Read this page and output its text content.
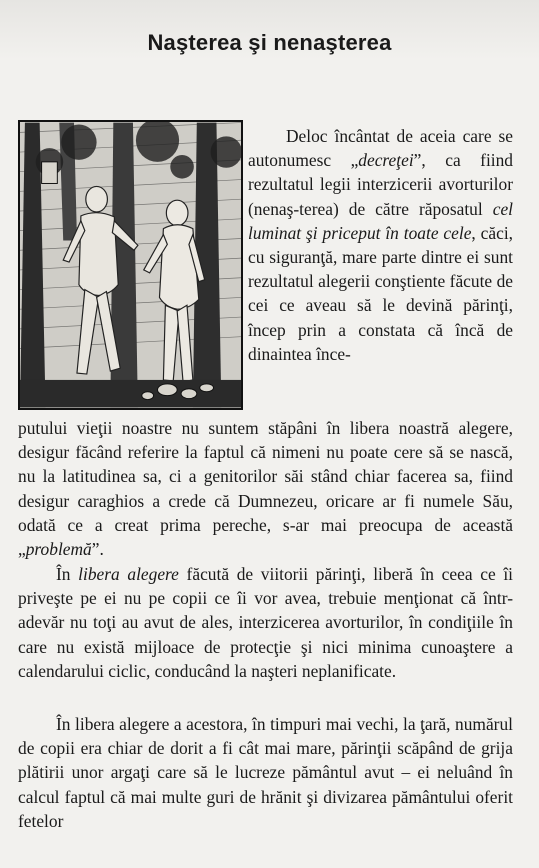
Naşterea şi nenaşterea

Deloc încântat de aceia care se autonumesc „decreţei”, ca fiind rezultatul legii interzicerii avorturilor (nenaş-terea) de către răposatul cel luminat şi priceput în toate cele, căci, cu siguranţă, mare parte dintre ei sunt rezultatul alegerii conştiente făcute de cei ce aveau să le devină părinţi, încep prin a constata că încă de dinaintea înce-

putului vieţii noastre nu suntem stăpâni în libera noastră alegere, desigur făcând referire la faptul că nimeni nu poate cere să se nască, nu la latitudinea sa, ci a genitorilor săi stând chiar facerea sa, fiind desigur caraghios a crede că Dumnezeu, oricare ar fi numele Său, odată ce a creat prima pereche, s-ar mai preocupa de această „problemă”.

În libera alegere făcută de viitorii părinţi, liberă în ceea ce îi priveşte pe ei nu pe copii ce îi vor avea, trebuie menţionat că într-adevăr nu toţi au avut de ales, interzicerea avorturilor, în condiţiile în care nu există mijloace de protecţie şi nici minima cunoaştere a calendarului ciclic, conducând la naşteri neplanificate.

În libera alegere a acestora, în timpuri mai vechi, la ţară, numărul de copii era chiar de dorit a fi cât mai mare, părinţii scăpând de grija plătirii unor argaţi care să le lucreze pământul avut – ei neluând în calcul faptul că mai multe guri de hrănit şi divizarea pământului oferit fetelor
